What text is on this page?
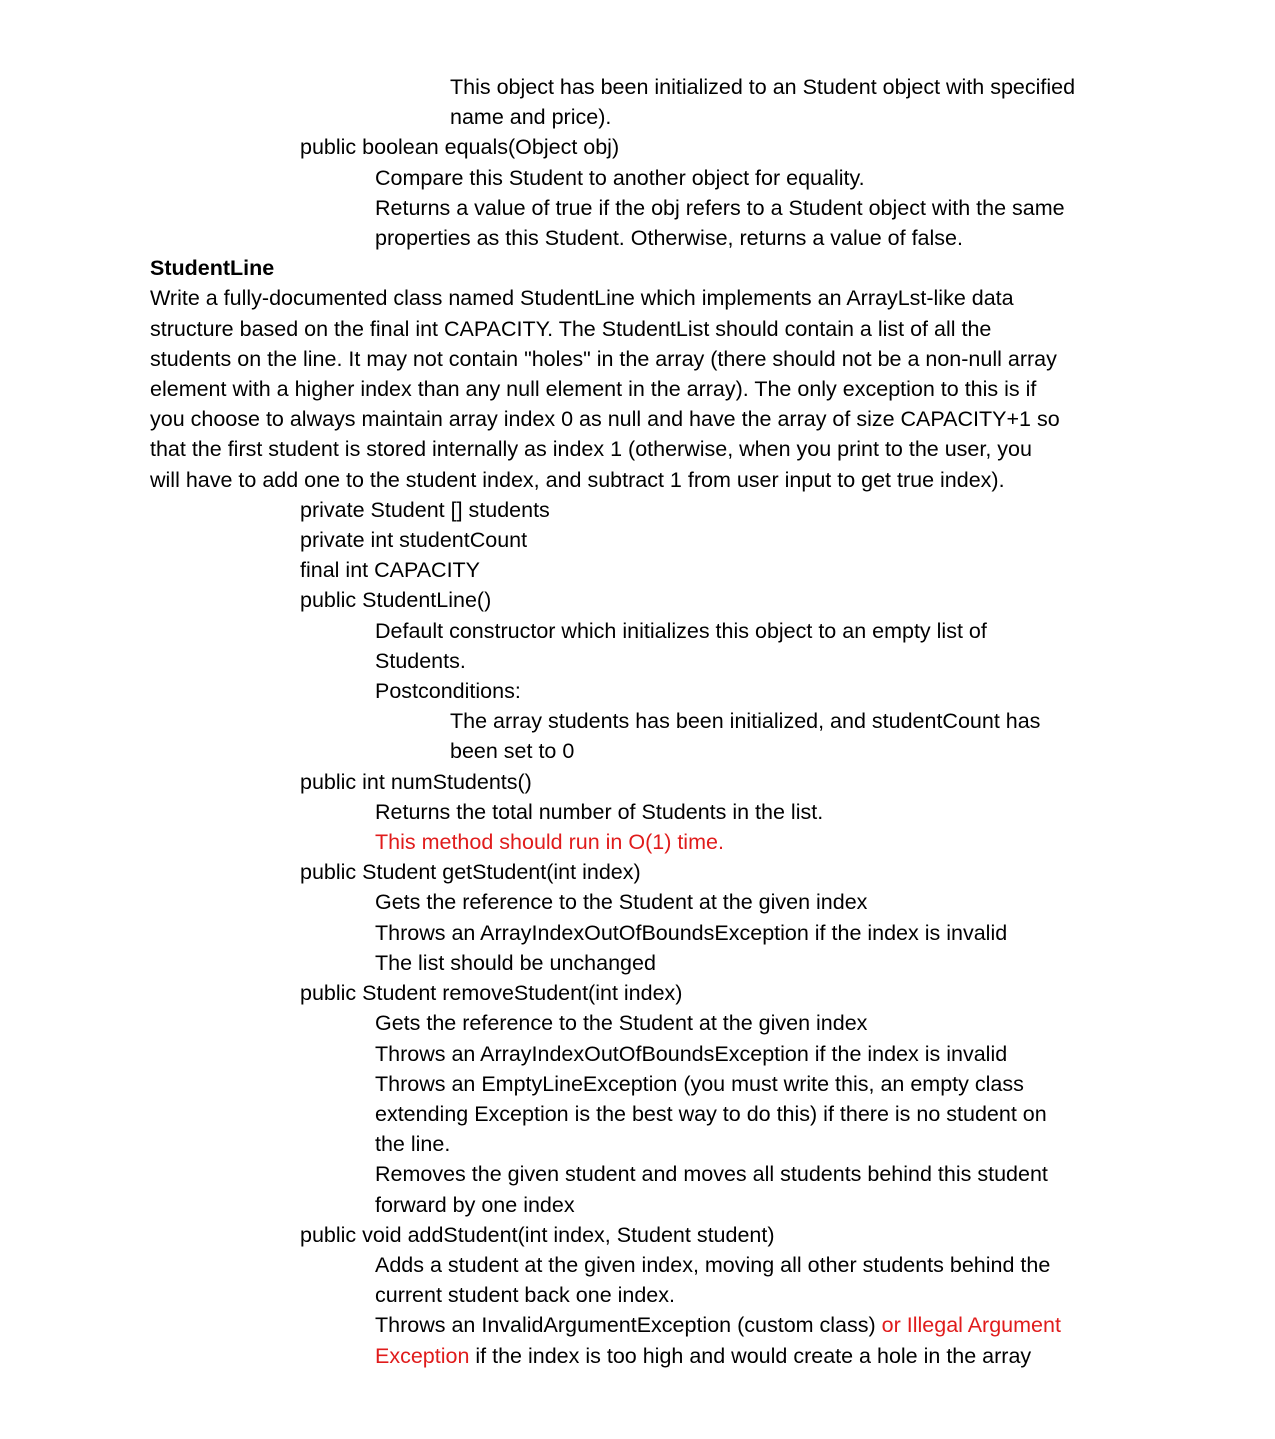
This object has been initialized to an Student object with specified
name and price).
public boolean equals(Object obj)
Compare this Student to another object for equality.
Returns a value of true if the obj refers to a Student object with the same
properties as this Student. Otherwise, returns a value of false.
StudentLine
Write a fully-documented class named StudentLine which implements an ArrayLst-like data
structure based on the final int CAPACITY. The StudentList should contain a list of all the
students on the line. It may not contain "holes" in the array (there should not be a non-null array
element with a higher index than any null element in the array). The only exception to this is if
you choose to always maintain array index 0 as null and have the array of size CAPACITY+1 so
that the first student is stored internally as index 1 (otherwise, when you print to the user, you
will have to add one to the student index, and subtract 1 from user input to get true index).
private Student [] students
private int studentCount
final int CAPACITY
public StudentLine()
Default constructor which initializes this object to an empty list of
Students.
Postconditions:
The array students has been initialized, and studentCount has
been set to 0
public int numStudents()
Returns the total number of Students in the list.
This method should run in O(1) time.
public Student getStudent(int index)
Gets the reference to the Student at the given index
Throws an ArrayIndexOutOfBoundsException if the index is invalid
The list should be unchanged
public Student removeStudent(int index)
Gets the reference to the Student at the given index
Throws an ArrayIndexOutOfBoundsException if the index is invalid
Throws an EmptyLineException (you must write this, an empty class
extending Exception is the best way to do this) if there is no student on
the line.
Removes the given student and moves all students behind this student
forward by one index
public void addStudent(int index, Student student)
Adds a student at the given index, moving all other students behind the
current student back one index.
Throws an InvalidArgumentException (custom class) or Illegal Argument
Exception if the index is too high and would create a hole in the array
